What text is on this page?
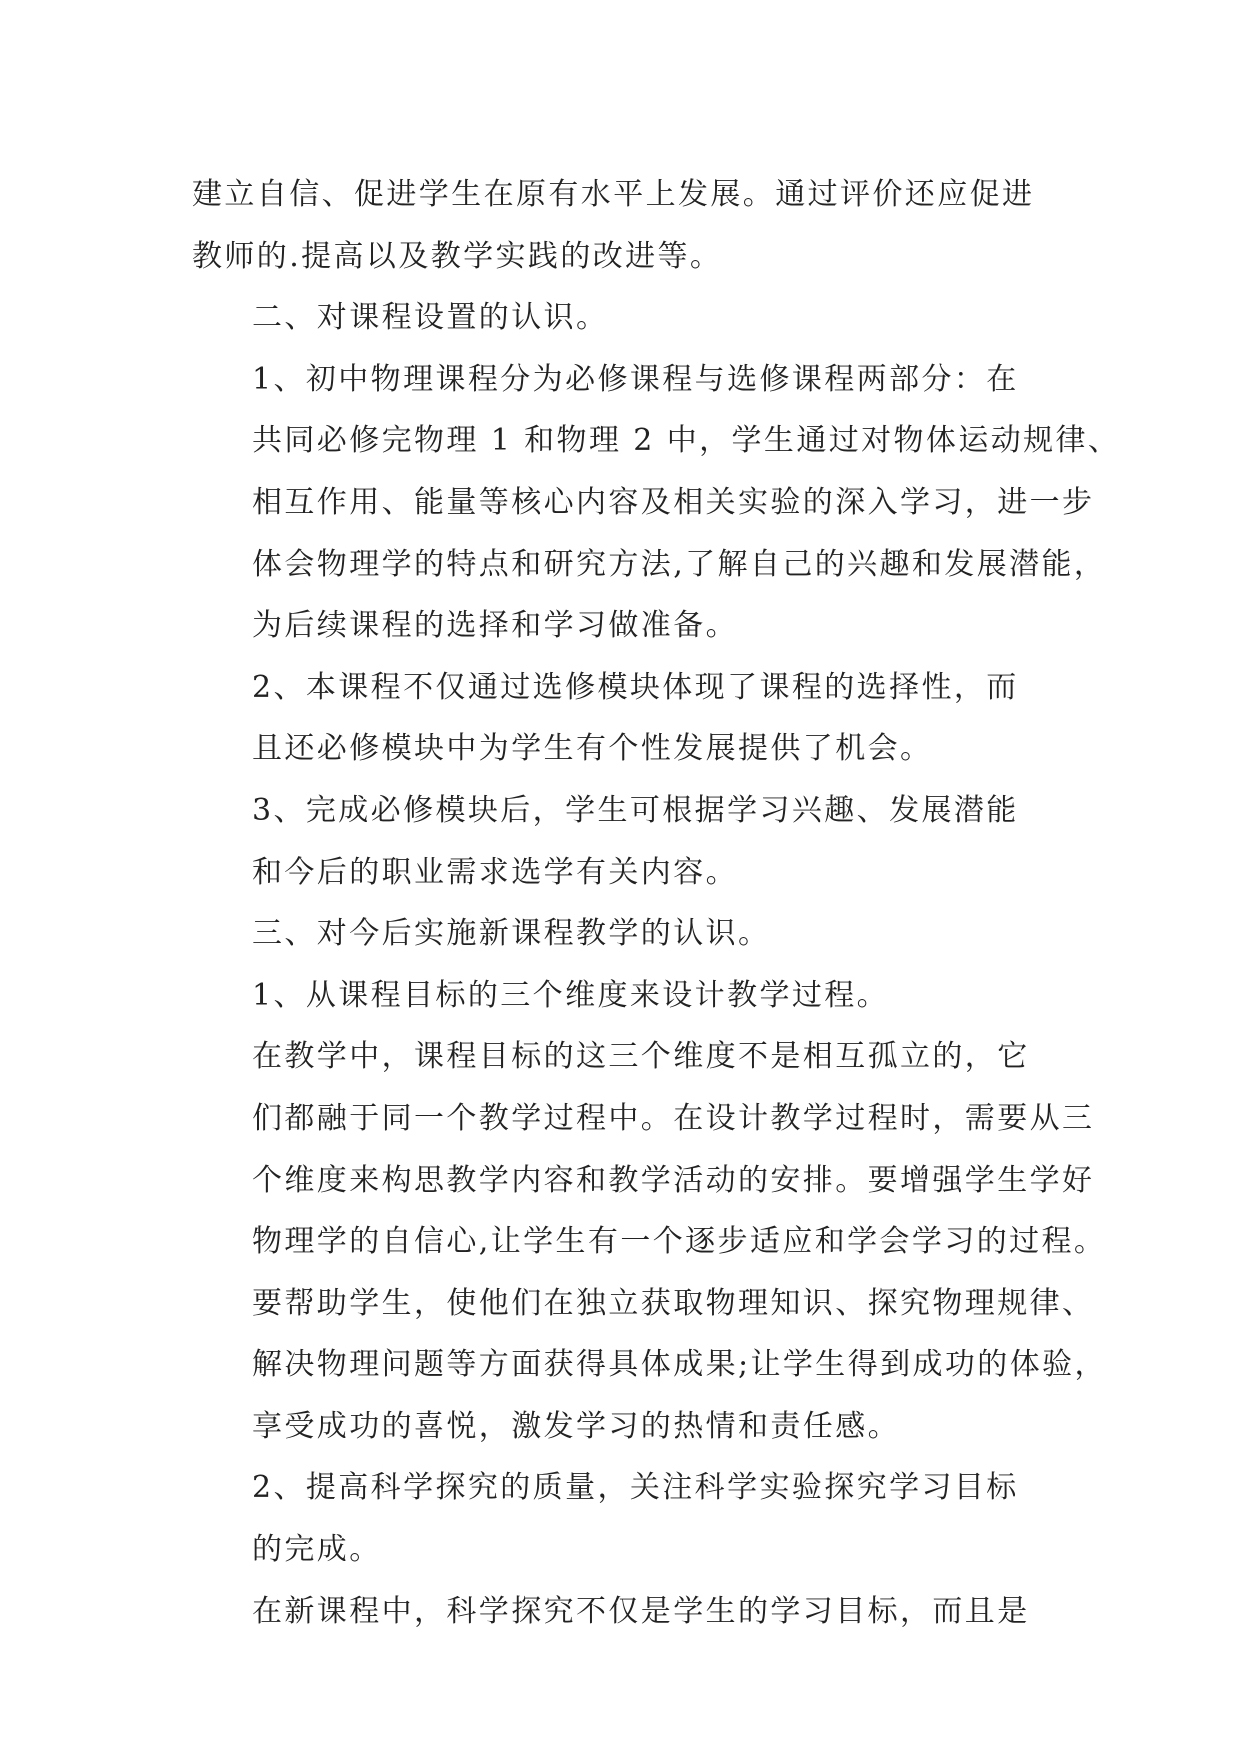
建立自信、促进学生在原有水平上发展。通过评价还应促进
教师的.提高以及教学实践的改进等。

二、对课程设置的认识。

1、初中物理课程分为必修课程与选修课程两部分：在
共同必修完物理 1 和物理 2 中，学生通过对物体运动规律、
相互作用、能量等核心内容及相关实验的深入学习，进一步
体会物理学的特点和研究方法,了解自己的兴趣和发展潜能，
为后续课程的选择和学习做准备。

2、本课程不仅通过选修模块体现了课程的选择性，而
且还必修模块中为学生有个性发展提供了机会。

3、完成必修模块后，学生可根据学习兴趣、发展潜能
和今后的职业需求选学有关内容。

三、对今后实施新课程教学的认识。

1、从课程目标的三个维度来设计教学过程。

在教学中，课程目标的这三个维度不是相互孤立的，它
们都融于同一个教学过程中。在设计教学过程时，需要从三
个维度来构思教学内容和教学活动的安排。要增强学生学好
物理学的自信心,让学生有一个逐步适应和学会学习的过程。
要帮助学生，使他们在独立获取物理知识、探究物理规律、
解决物理问题等方面获得具体成果;让学生得到成功的体验，
享受成功的喜悦，激发学习的热情和责任感。

2、提高科学探究的质量，关注科学实验探究学习目标
的完成。

在新课程中，科学探究不仅是学生的学习目标，而且是
